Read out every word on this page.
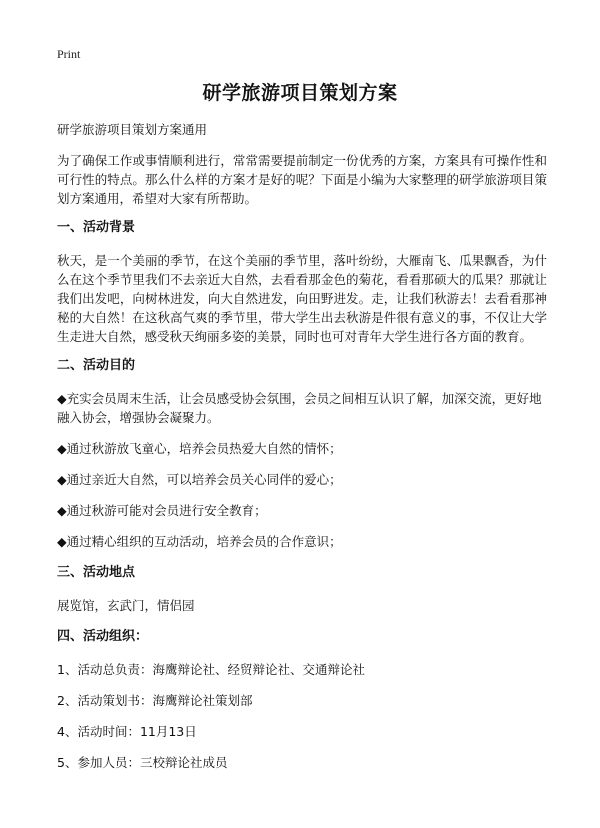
Print
研学旅游项目策划方案

研学旅游项目策划方案通用

为了确保工作或事情顺利进行，常常需要提前制定一份优秀的方案，方案具有可操作性和可行性的特点。那么什么样的方案才是好的呢？下面是小编为大家整理的研学旅游项目策划方案通用，希望对大家有所帮助。

一、活动背景

秋天，是一个美丽的季节，在这个美丽的季节里，落叶纷纷，大雁南飞、瓜果飘香，为什么在这个季节里我们不去亲近大自然，去看看那金色的菊花，看看那硕大的瓜果？那就让我们出发吧，向树林进发，向大自然进发，向田野进发。走，让我们秋游去！去看看那神秘的大自然！在这秋高气爽的季节里，带大学生出去秋游是件很有意义的事，不仅让大学生走进大自然，感受秋天绚丽多姿的美景，同时也可对青年大学生进行各方面的教育。

二、活动目的

◆充实会员周末生活，让会员感受协会氛围，会员之间相互认识了解，加深交流，更好地融入协会，增强协会凝聚力。

◆通过秋游放飞童心，培养会员热爱大自然的情怀；

◆通过亲近大自然，可以培养会员关心同伴的爱心；

◆通过秋游可能对会员进行安全教育；

◆通过精心组织的互动活动，培养会员的合作意识；

三、活动地点

展览馆，玄武门，情侣园

四、活动组织：

1、活动总负责：海鹰辩论社、经贸辩论社、交通辩论社

2、活动策划书：海鹰辩论社策划部

4、活动时间：11月13日

5、参加人员：三校辩论社成员
